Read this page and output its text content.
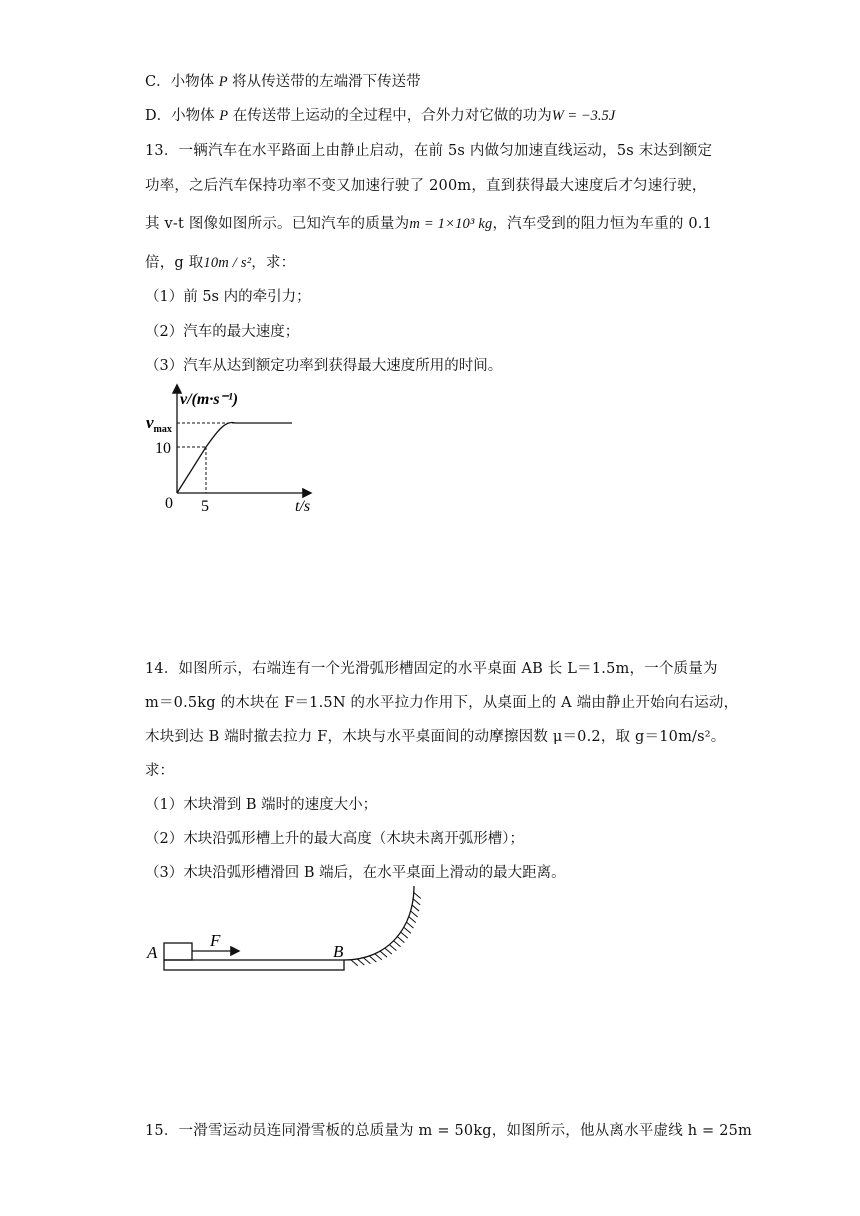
C．小物体 P 将从传送带的左端滑下传送带
D．小物体 P 在传送带上运动的全过程中，合外力对它做的功为W = −3.5J
13．一辆汽车在水平路面上由静止启动，在前 5s 内做匀加速直线运动，5s 末达到额定
功率，之后汽车保持功率不变又加速行驶了 200m，直到获得最大速度后才匀速行驶，
其 v-t 图像如图所示。已知汽车的质量为m = 1×10³ kg，汽车受到的阻力恒为车重的 0.1
倍，g 取10m / s²，求：
（1）前 5s 内的牵引力；
（2）汽车的最大速度；
（3）汽车从达到额定功率到获得最大速度所用的时间。
v/(m·s⁻¹)
$v_{max}$
10
5
0	t/s
14．如图所示，右端连有一个光滑弧形槽固定的水平桌面 AB 长 L＝1.5m，一个质量为
m＝0.5kg 的木块在 F＝1.5N 的水平拉力作用下，从桌面上的 A 端由静止开始向右运动，
木块到达 B 端时撤去拉力 F，木块与水平桌面间的动摩擦因数 μ＝0.2，取 g＝10m/s²。
求：
（1）木块滑到 B 端时的速度大小；
（2）木块沿弧形槽上升的最大高度（木块未离开弧形槽）；
（3）木块沿弧形槽滑回 B 端后，在水平桌面上滑动的最大距离。
A
F
B
15．一滑雪运动员连同滑雪板的总质量为 m = 50kg，如图所示，他从离水平虚线 h = 25m
